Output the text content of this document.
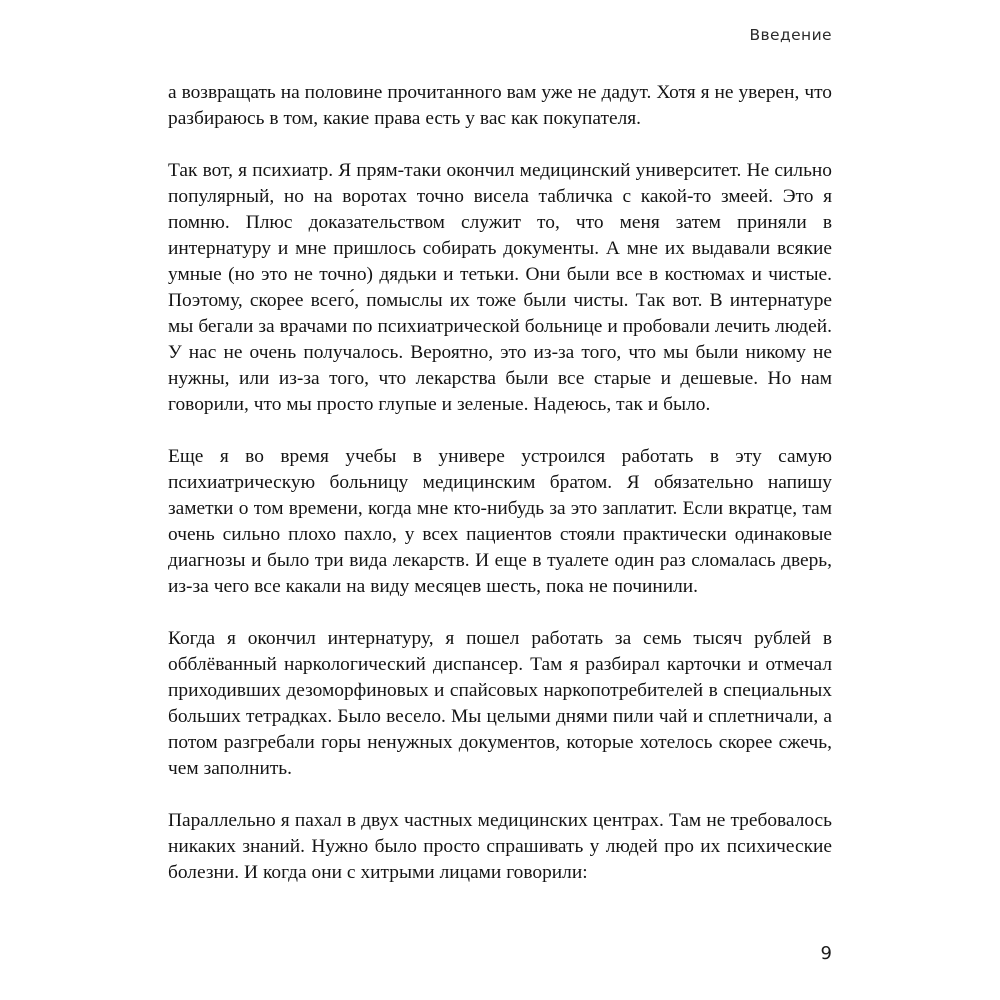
Введение

а возвращать на половине прочитанного вам уже не дадут. Хотя я не уверен, что разбираюсь в том, какие права есть у вас как покупателя.

Так вот, я психиатр. Я прям-таки окончил медицинский университет. Не сильно популярный, но на воротах точно висела табличка с какой-то змеей. Это я помню. Плюс доказательством служит то, что меня затем приняли в интернатуру и мне пришлось собирать документы. А мне их выдавали всякие умные (но это не точно) дядьки и тетьки. Они были все в костюмах и чистые. Поэтому, скорее всего́, помыслы их тоже были чисты. Так вот. В интернатуре мы бегали за врачами по психиатрической больнице и пробовали лечить людей. У нас не очень получалось. Вероятно, это из-за того, что мы были никому не нужны, или из-за того, что лекарства были все старые и дешевые. Но нам говорили, что мы просто глупые и зеленые. Надеюсь, так и было.

Еще я во время учебы в универе устроился работать в эту самую психиатрическую больницу медицинским братом. Я обязательно напишу заметки о том времени, когда мне кто-нибудь за это заплатит. Если вкратце, там очень сильно плохо пахло, у всех пациентов стояли практически одинаковые диагнозы и было три вида лекарств. И еще в туалете один раз сломалась дверь, из-за чего все какали на виду месяцев шесть, пока не починили.

Когда я окончил интернатуру, я пошел работать за семь тысяч рублей в обблёванный наркологический диспансер. Там я разбирал карточки и отмечал приходивших дезоморфиновых и спайсовых наркопотребителей в специальных больших тетрадках. Было весело. Мы целыми днями пили чай и сплетничали, а потом разгребали горы ненужных документов, которые хотелось скорее сжечь, чем заполнить.

Параллельно я пахал в двух частных медицинских центрах. Там не требовалось никаких знаний. Нужно было просто спрашивать у людей про их психические болезни. И когда они с хитрыми лицами говорили:

9
